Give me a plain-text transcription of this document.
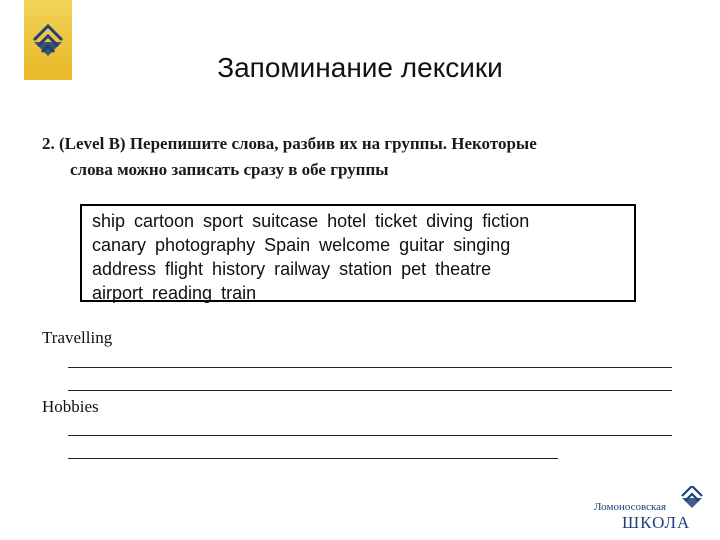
Запоминание лексики
2. (Level B) Перепишите слова, разбив их на группы. Некоторые
слова можно записать сразу в обе группы
ship cartoon sport suitcase hotel ticket diving fiction
canary photography Spain welcome guitar singing
address flight history railway station pet theatre
airport reading train
Travelling
Hobbies
Ломоносовская
ШКОЛА
